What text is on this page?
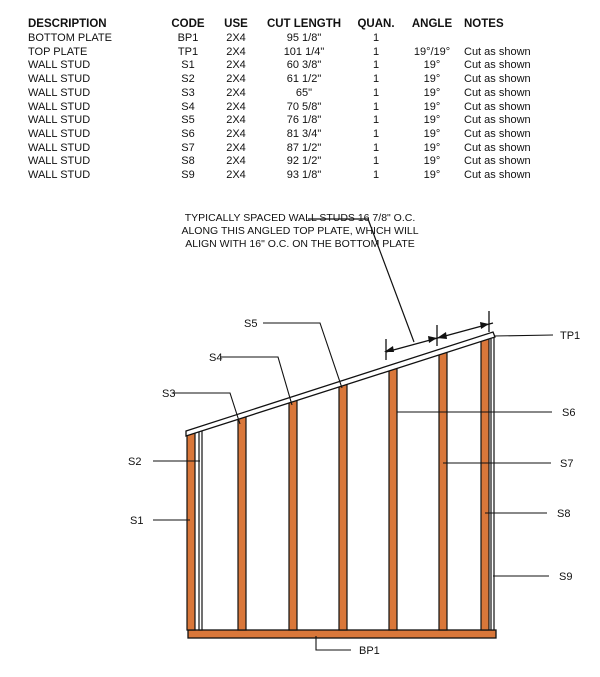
DESCRIPTION	CODE	USE	CUT LENGTH	QUAN.	ANGLE	NOTES
BOTTOM PLATE	BP1	2X4	95 1/8"	1		
TOP PLATE	TP1	2X4	101 1/4"	1	19°/19°	Cut as shown
WALL STUD	S1	2X4	60 3/8"	1	19°	Cut as shown
WALL STUD	S2	2X4	61 1/2"	1	19°	Cut as shown
WALL STUD	S3	2X4	65"	1	19°	Cut as shown
WALL STUD	S4	2X4	70 5/8"	1	19°	Cut as shown
WALL STUD	S5	2X4	76 1/8"	1	19°	Cut as shown
WALL STUD	S6	2X4	81 3/4"	1	19°	Cut as shown
WALL STUD	S7	2X4	87 1/2"	1	19°	Cut as shown
WALL STUD	S8	2X4	92 1/2"	1	19°	Cut as shown
WALL STUD	S9	2X4	93 1/8"	1	19°	Cut as shown
TYPICALLY SPACED WALL STUDS 16 7/8" O.C.
ALONG THIS ANGLED TOP PLATE, WHICH WILL
ALIGN WITH 16" O.C. ON THE BOTTOM PLATE
TP1
S1
S2
S3
S4
S5
S6
S7
S8
S9
BP1
